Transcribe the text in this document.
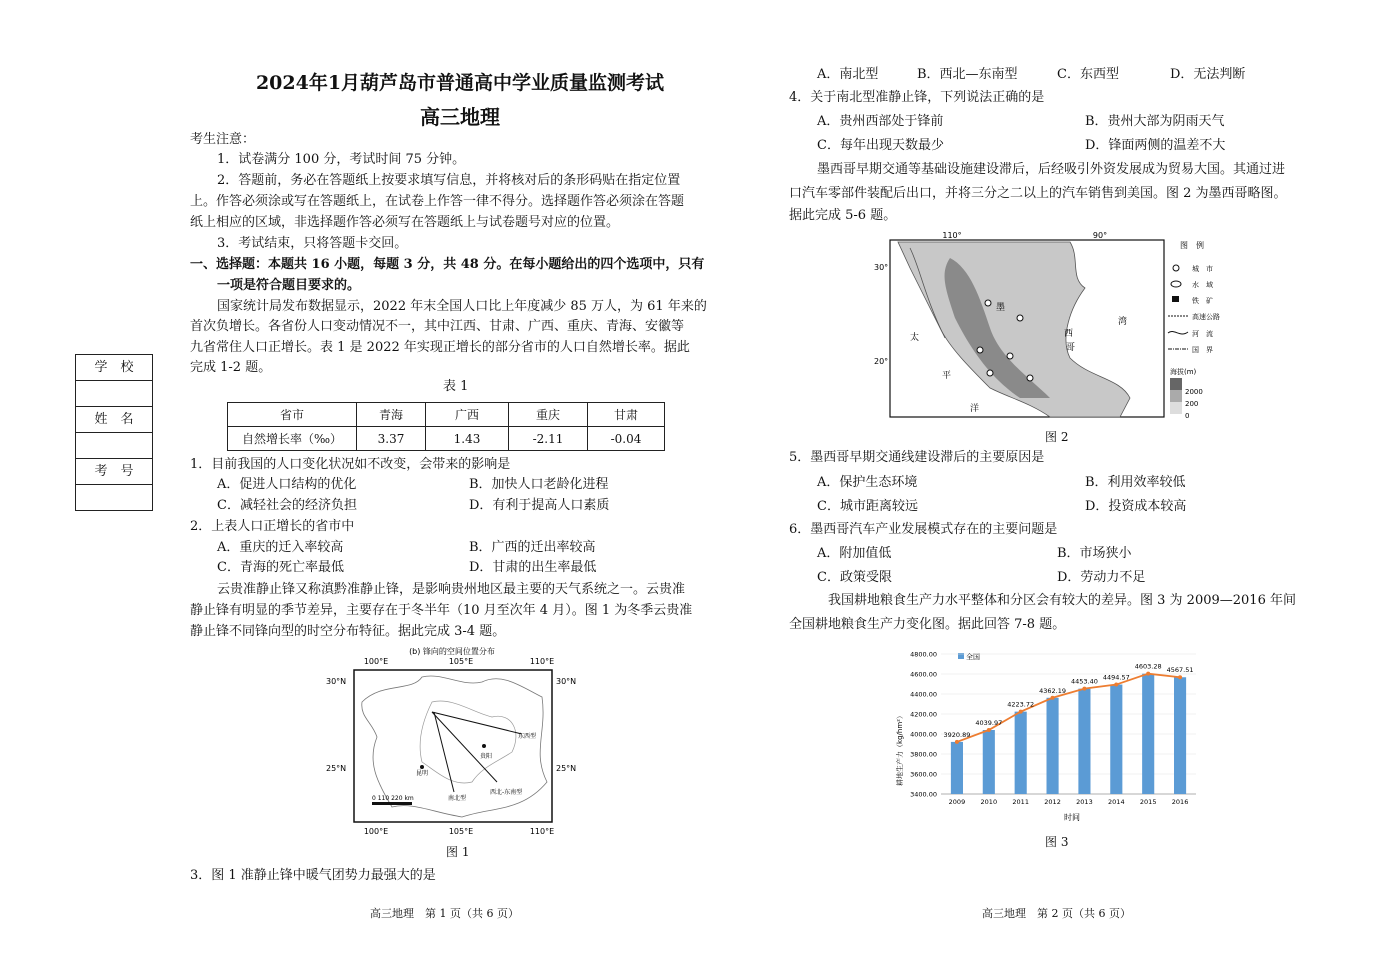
2024年1月葫芦岛市普通高中学业质量监测考试
高三地理
考生注意：
1．试卷满分 100 分，考试时间 75 分钟。
2．答题前，务必在答题纸上按要求填写信息，并将核对后的条形码贴在指定位置
上。作答必须涂或写在答题纸上，在试卷上作答一律不得分。选择题作答必须涂在答题
纸上相应的区域，非选择题作答必须写在答题纸上与试卷题号对应的位置。
3．考试结束，只将答题卡交回。
一、选择题：本题共 16 小题，每题 3 分，共 48 分。在每小题给出的四个选项中，只有
一项是符合题目要求的。
国家统计局发布数据显示，2022 年末全国人口比上年度减少 85 万人，为 61 年来的
首次负增长。各省份人口变动情况不一，其中江西、甘肃、广西、重庆、青海、安徽等
九省常住人口正增长。表 1 是 2022 年实现正增长的部分省市的人口自然增长率。据此
完成 1-2 题。
表 1
省市	青海	广西	重庆	甘肃
自然增长率（‰）	3.37	1.43	-2.11	-0.04
1．目前我国的人口变化状况如不改变，会带来的影响是
A．促进人口结构的优化	B．加快人口老龄化进程
C．减轻社会的经济负担	D．有利于提高人口素质
2．上表人口正增长的省市中
A．重庆的迁入率较高	B．广西的迁出率较高
C．青海的死亡率最低	D．甘肃的出生率最低
云贵准静止锋又称滇黔准静止锋，是影响贵州地区最主要的天气系统之一。云贵准
静止锋有明显的季节差异，主要存在于冬半年（10 月至次年 4 月）。图 1 为冬季云贵准
静止锋不同锋向型的时空分布特征。据此完成 3-4 题。
(b) 锋向的空间位置分布
100°E	105°E	110°E
100°E	105°E	110°E
30°N
25°N
30°N
25°N
贵阳
昆明
南北型
西北-东南型
东西型
0 110 220 km
图 1
3．图 1 准静止锋中暖气团势力最强大的是
高三地理　第 1 页（共 6 页）
学　校
姓　名
考　号
A．南北型	B．西北—东南型	C．东西型	D．无法判断
4．关于南北型准静止锋，下列说法正确的是
A．贵州西部处于锋前	B．贵州大部为阴雨天气
C．每年出现天数最少	D．锋面两侧的温差不大
墨西哥早期交通等基础设施建设滞后，后经吸引外资发展成为贸易大国。其通过进
口汽车零部件装配后出口，并将三分之二以上的汽车销售到美国。图 2 为墨西哥略图。
据此完成 5-6 题。
110°	90°
30°
20°
墨
西
哥
湾
太
平
洋
图　例
城　市
水　域
铁　矿
高速公路
河　流
国　界
海拔(m)
2000
200
0
图 2
5．墨西哥早期交通线建设滞后的主要原因是
A．保护生态环境	B．利用效率较低
C．城市距离较远	D．投资成本较高
6．墨西哥汽车产业发展模式存在的主要问题是
A．附加值低	B．市场狭小
C．政策受限	D．劳动力不足
我国耕地粮食生产力水平整体和分区会有较大的差异。图 3 为 2009—2016 年间
全国耕地粮食生产力变化图。据此回答 7-8 题。
全国
耕地生产力（kg/hm²）
时间
3400.00
3600.00
3800.00
4000.00
4200.00
4400.00
4600.00
4800.00
2009 2010 2011 2012 2013 2014 2015 2016
3920.89
4039.97
4223.72
4362.19
4453.40
4494.57
4603.28 4567.51
图 3
高三地理　第 2 页（共 6 页）
